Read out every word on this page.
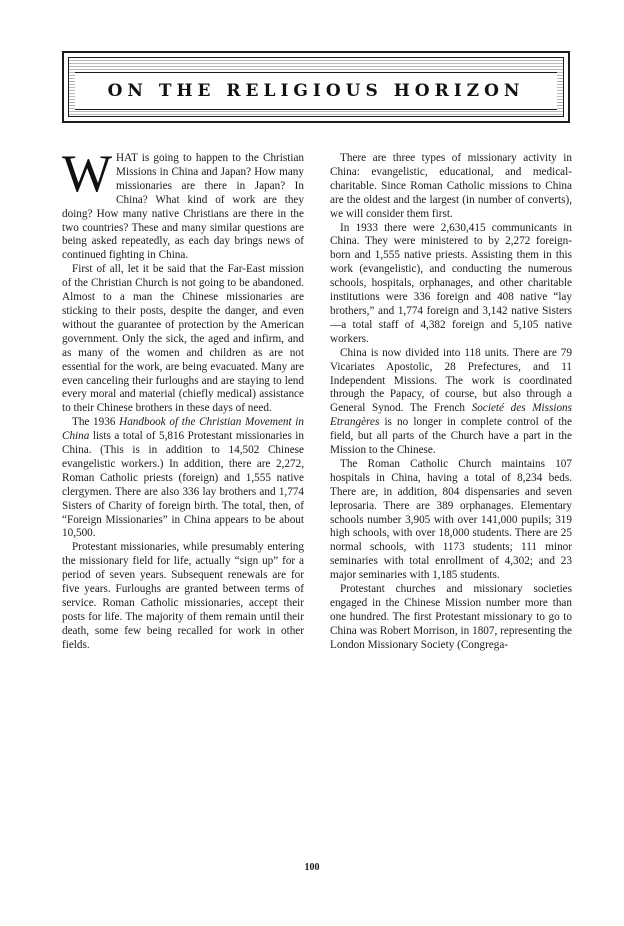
ON THE RELIGIOUS HORIZON

WHAT is going to happen to the Christian Missions in China and Japan? How many missionaries are there in Japan? In China? What kind of work are they doing? How many native Christians are there in the two countries? These and many similar questions are being asked repeatedly, as each day brings news of continued fighting in China.

First of all, let it be said that the Far-East mission of the Christian Church is not going to be abandoned. Almost to a man the Chinese missionaries are sticking to their posts, despite the danger, and even without the guarantee of protection by the American government. Only the sick, the aged and infirm, and as many of the women and children as are not essential for the work, are being evacuated. Many are even canceling their furloughs and are staying to lend every moral and material (chiefly medical) assistance to their Chinese brothers in these days of need.

The 1936 Handbook of the Christian Movement in China lists a total of 5,816 Protestant missionaries in China. (This is in addition to 14,502 Chinese evangelistic workers.) In addition, there are 2,272, Roman Catholic priests (foreign) and 1,555 native clergymen. There are also 336 lay brothers and 1,774 Sisters of Charity of foreign birth. The total, then, of “Foreign Missionaries” in China appears to be about 10,500.

Protestant missionaries, while presumably entering the missionary field for life, actually “sign up” for a period of seven years. Subsequent renewals are for five years. Furloughs are granted between terms of service. Roman Catholic missionaries, accept their posts for life. The majority of them remain until their death, some few being recalled for work in other fields.

There are three types of missionary activity in China: evangelistic, educational, and medical-charitable. Since Roman Catholic missions to China are the oldest and the largest (in number of converts), we will consider them first.

In 1933 there were 2,630,415 communicants in China. They were ministered to by 2,272 foreign-born and 1,555 native priests. Assisting them in this work (evangelistic), and conducting the numerous schools, hospitals, orphanages, and other charitable institutions were 336 foreign and 408 native “lay brothers,” and 1,774 foreign and 3,142 native Sisters—a total staff of 4,382 foreign and 5,105 native workers.

China is now divided into 118 units. There are 79 Vicariates Apostolic, 28 Prefectures, and 11 Independent Missions. The work is coordinated through the Papacy, of course, but also through a General Synod. The French Societé des Missions Etrangères is no longer in complete control of the field, but all parts of the Church have a part in the Mission to the Chinese.

The Roman Catholic Church maintains 107 hospitals in China, having a total of 8,234 beds. There are, in addition, 804 dispensaries and seven leprosaria. There are 389 orphanages. Elementary schools number 3,905 with over 141,000 pupils; 319 high schools, with over 18,000 students. There are 25 normal schools, with 1173 students; 111 minor seminaries with total enrollment of 4,302; and 23 major seminaries with 1,185 students.

Protestant churches and missionary societies engaged in the Chinese Mission number more than one hundred. The first Protestant missionary to go to China was Robert Morrison, in 1807, representing the London Missionary Society (Congrega-

100
